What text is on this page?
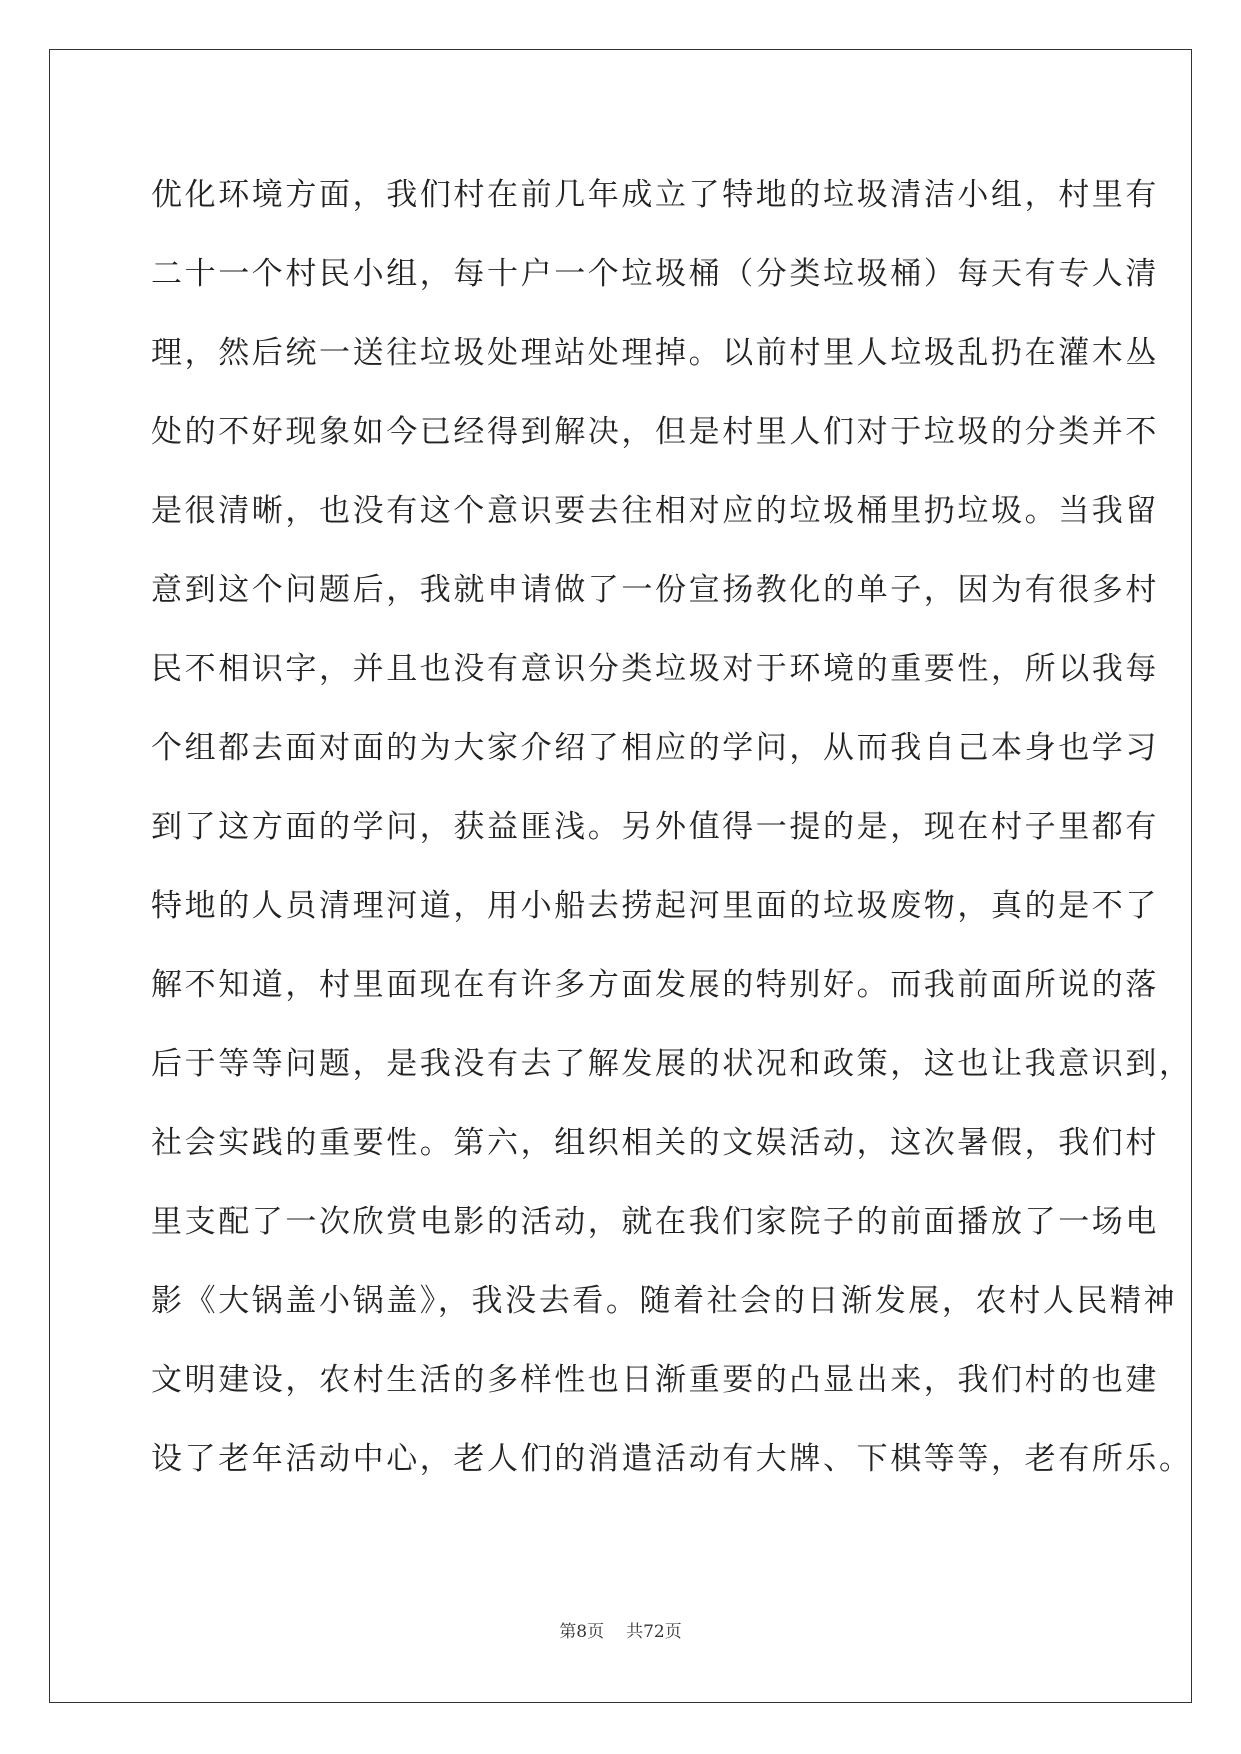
优化环境方面，我们村在前几年成立了特地的垃圾清洁小组，村里有
二十一个村民小组，每十户一个垃圾桶（分类垃圾桶）每天有专人清
理，然后统一送往垃圾处理站处理掉。以前村里人垃圾乱扔在灌木丛
处的不好现象如今已经得到解决，但是村里人们对于垃圾的分类并不
是很清晰，也没有这个意识要去往相对应的垃圾桶里扔垃圾。当我留
意到这个问题后，我就申请做了一份宣扬教化的单子，因为有很多村
民不相识字，并且也没有意识分类垃圾对于环境的重要性，所以我每
个组都去面对面的为大家介绍了相应的学问，从而我自己本身也学习
到了这方面的学问，获益匪浅。另外值得一提的是，现在村子里都有
特地的人员清理河道，用小船去捞起河里面的垃圾废物，真的是不了
解不知道，村里面现在有许多方面发展的特别好。而我前面所说的落
后于等等问题，是我没有去了解发展的状况和政策，这也让我意识到，
社会实践的重要性。第六，组织相关的文娱活动，这次暑假，我们村
里支配了一次欣赏电影的活动，就在我们家院子的前面播放了一场电
影《大锅盖小锅盖》，我没去看。随着社会的日渐发展，农村人民精神
文明建设，农村生活的多样性也日渐重要的凸显出来，我们村的也建
设了老年活动中心，老人们的消遣活动有大牌、下棋等等，老有所乐。
第8页 共72页
